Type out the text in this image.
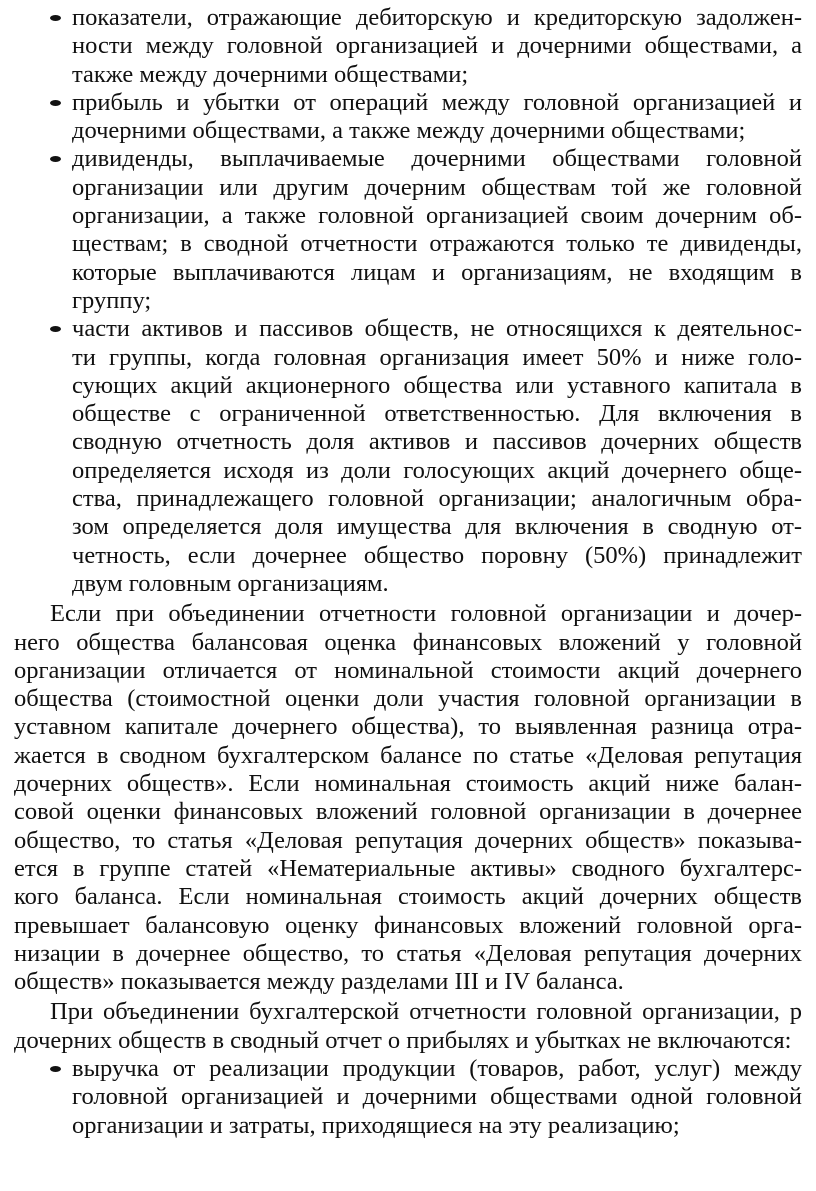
показатели, отражающие дебиторскую и кредиторскую задолжен-
ности между головной организацией и дочерними обществами, а
также между дочерними обществами;
прибыль и убытки от операций между головной организацией и
дочерними обществами, а также между дочерними обществами;
дивиденды, выплачиваемые дочерними обществами головной
организации или другим дочерним обществам той же головной
организации, а также головной организацией своим дочерним об-
ществам; в сводной отчетности отражаются только те дивиденды,
которые выплачиваются лицам и организациям, не входящим в
группу;
части активов и пассивов обществ, не относящихся к деятельнос-
ти группы, когда головная организация имеет 50% и ниже голо-
сующих акций акционерного общества или уставного капитала в
обществе с ограниченной ответственностью. Для включения в
сводную отчетность доля активов и пассивов дочерних обществ
определяется исходя из доли голосующих акций дочернего обще-
ства, принадлежащего головной организации; аналогичным обра-
зом определяется доля имущества для включения в сводную от-
четность, если дочернее общество поровну (50%) принадлежит
двум головным организациям.
Если при объединении отчетности головной организации и дочер-
него общества балансовая оценка финансовых вложений у головной
организации отличается от номинальной стоимости акций дочернего
общества (стоимостной оценки доли участия головной организации в
уставном капитале дочернего общества), то выявленная разница отра-
жается в сводном бухгалтерском балансе по статье «Деловая репутация
дочерних обществ». Если номинальная стоимость акций ниже балан-
совой оценки финансовых вложений головной организации в дочернее
общество, то статья «Деловая репутация дочерних обществ» показыва-
ется в группе статей «Нематериальные активы» сводного бухгалтерс-
кого баланса. Если номинальная стоимость акций дочерних обществ
превышает балансовую оценку финансовых вложений головной орга-
низации в дочернее общество, то статья «Деловая репутация дочерних
обществ» показывается между разделами III и IV баланса.
При объединении бухгалтерской отчетности головной организации, р
дочерних обществ в сводный отчет о прибылях и убытках не включаются:
выручка от реализации продукции (товаров, работ, услуг) между
головной организацией и дочерними обществами одной головной
организации и затраты, приходящиеся на эту реализацию;
